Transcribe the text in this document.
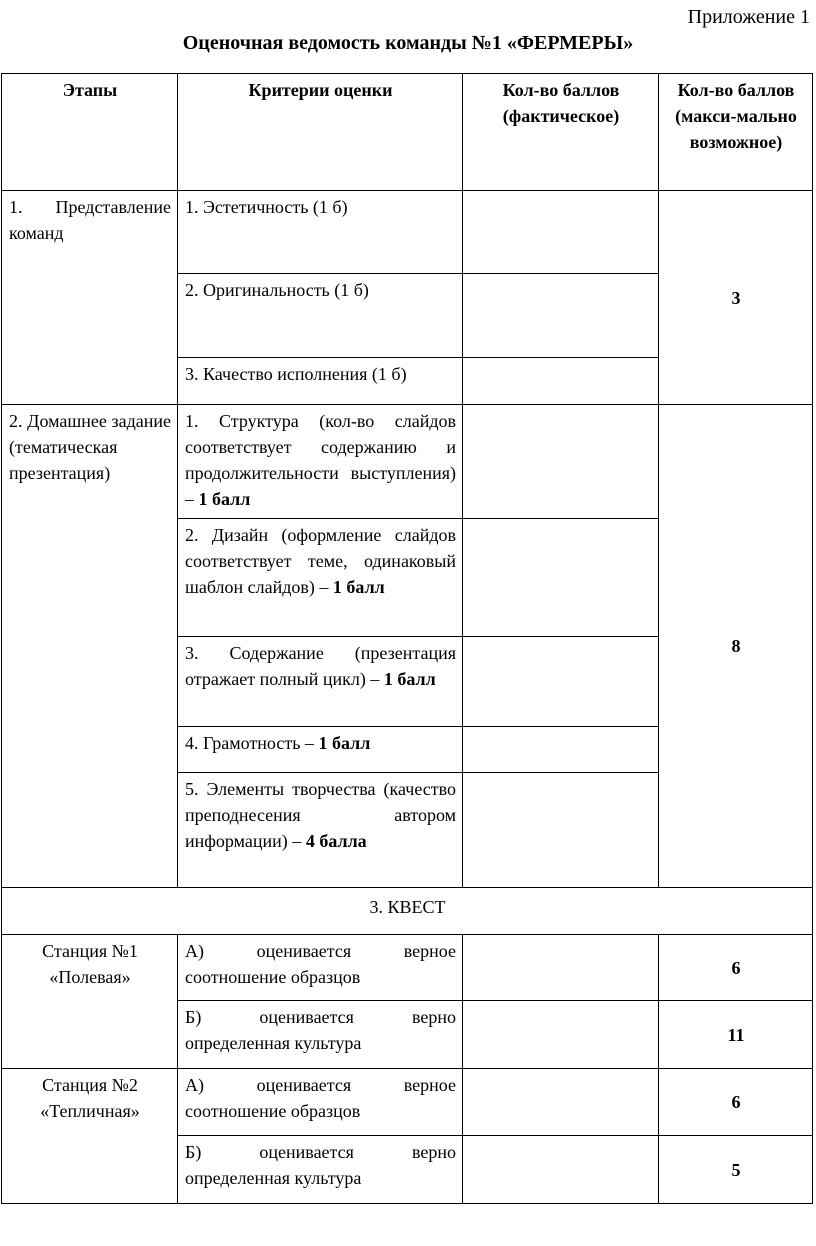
Приложение 1
Оценочная ведомость команды №1 «ФЕРМЕРЫ»
Этапы	Критерии оценки	Кол-во баллов (фактическое)	Кол-во баллов (макси-мально возможное)
1. Представление команд	1. Эстетичность (1 б)		3
	2. Оригинальность (1 б)		
	3. Качество исполнения (1 б)		
2. Домашнее задание (тематическая презентация)	1. Структура (кол-во слайдов соответствует содержанию и продолжительности выступления) – 1 балл		8
	2. Дизайн (оформление слайдов соответствует теме, одинаковый шаблон слайдов) – 1 балл		
	3. Содержание (презентация отражает полный цикл) – 1 балл		
	4. Грамотность – 1 балл		
	5. Элементы творчества (качество преподнесения автором информации) – 4 балла		
3. КВЕСТ			
Станция №1 «Полевая»	А) оценивается верное соотношение образцов		6
	Б) оценивается верно определенная культура		11
Станция №2 «Тепличная»	А) оценивается верное соотношение образцов		6
	Б) оценивается верно определенная культура		5
